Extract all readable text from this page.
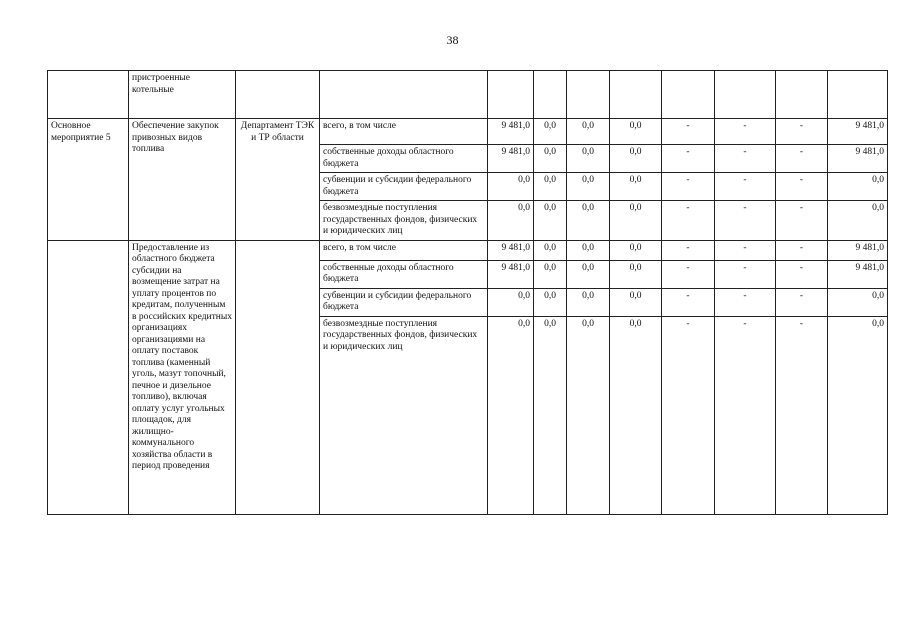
38
	пристроенные котельные										
Основное мероприятие 5	Обеспечение закупок привозных видов топлива	Департамент ТЭК и ТР области	всего, в том числе	9 481,0	0,0	0,0	0,0	-	-	-	9 481,0
			собственные доходы областного бюджета	9 481,0	0,0	0,0	0,0	-	-	-	9 481,0
			субвенции и субсидии федерального бюджета	0,0	0,0	0,0	0,0	-	-	-	0,0
			безвозмездные поступления государственных фондов, физических и юридических лиц	0,0	0,0	0,0	0,0	-	-	-	0,0
	Предоставление из областного бюджета субсидии на возмещение затрат на уплату процентов по кредитам, полученным в российских кредитных организациях организациями на оплату поставок топлива (каменный уголь, мазут топочный, печное и дизельное топливо), включая оплату услуг угольных площадок, для жилищно-коммунального хозяйства области в период проведения		всего, в том числе	9 481,0	0,0	0,0	0,0	-	-	-	9 481,0
			собственные доходы областного бюджета	9 481,0	0,0	0,0	0,0	-	-	-	9 481,0
			субвенции и субсидии федерального бюджета	0,0	0,0	0,0	0,0	-	-	-	0,0
			безвозмездные поступления государственных фондов, физических и юридических лиц	0,0	0,0	0,0	0,0	-	-	-	0,0
